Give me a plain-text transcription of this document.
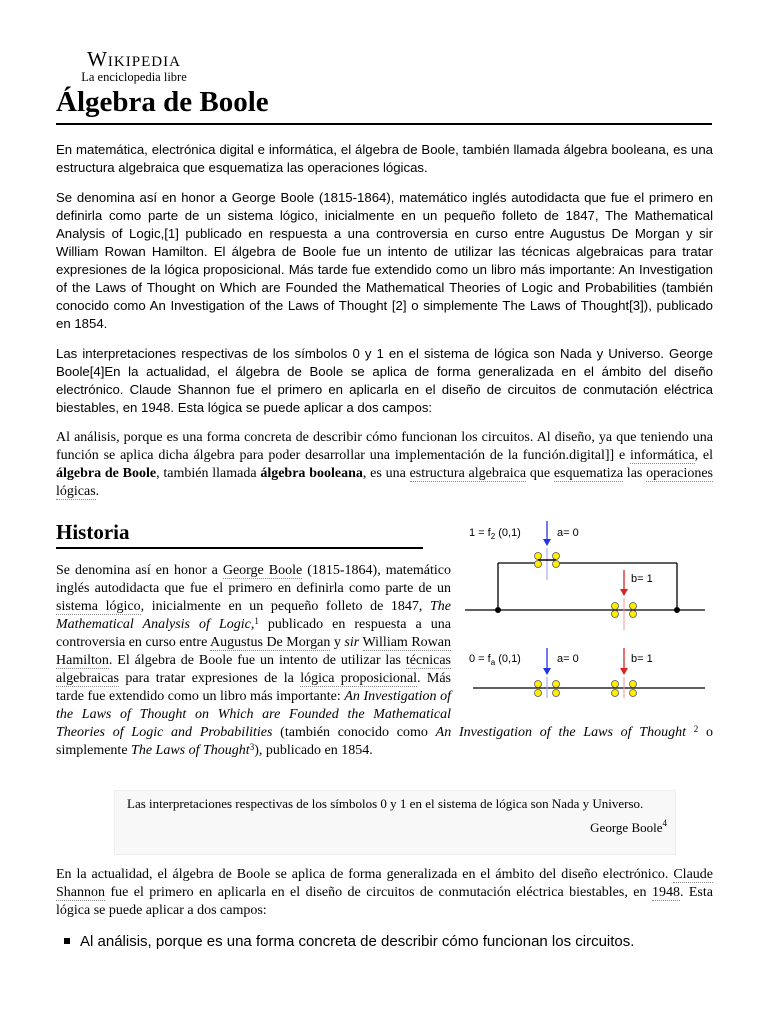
Wikipedia
La enciclopedia libre
Álgebra de Boole

En matemática, electrónica digital e informática, el álgebra de Boole, también llamada álgebra booleana, es una estructura algebraica que esquematiza las operaciones lógicas.

Se denomina así en honor a George Boole (1815-1864), matemático inglés autodidacta que fue el primero en definirla como parte de un sistema lógico, inicialmente en un pequeño folleto de 1847, The Mathematical Analysis of Logic,[1] publicado en respuesta a una controversia en curso entre Augustus De Morgan y sir William Rowan Hamilton. El álgebra de Boole fue un intento de utilizar las técnicas algebraicas para tratar expresiones de la lógica proposicional. Más tarde fue extendido como un libro más importante: An Investigation of the Laws of Thought on Which are Founded the Mathematical Theories of Logic and Probabilities (también conocido como An Investigation of the Laws of Thought [2] o simplemente The Laws of Thought[3]), publicado en 1854.

Las interpretaciones respectivas de los símbolos 0 y 1 en el sistema de lógica son Nada y Universo. George Boole[4]En la actualidad, el álgebra de Boole se aplica de forma generalizada en el ámbito del diseño electrónico. Claude Shannon fue el primero en aplicarla en el diseño de circuitos de conmutación eléctrica biestables, en 1948. Esta lógica se puede aplicar a dos campos:

Al análisis, porque es una forma concreta de describir cómo funcionan los circuitos. Al diseño, ya que teniendo una función se aplica dicha álgebra para poder desarrollar una implementación de la función.digital]] e informática, el álgebra de Boole, también llamada álgebra booleana, es una estructura algebraica que esquematiza las operaciones lógicas.

Historia	$1 = f_2$ (0,1)	a= 0
b= 1
$0 = f_a$ (0,1)	a= 0	b= 1

Se denomina así en honor a George Boole (1815-1864), matemático inglés autodidacta que fue el primero en definirla como parte de un sistema lógico, inicialmente en un pequeño folleto de 1847, The Mathematical Analysis of Logic,$^1$ publicado en respuesta a una controversia en curso entre Augustus De Morgan y sir William Rowan Hamilton. El álgebra de Boole fue un intento de utilizar las técnicas algebraicas para tratar expresiones de la lógica proposicional. Más tarde fue extendido como un libro más importante: An Investigation of the Laws of Thought on Which are Founded the Mathematical Theories of Logic and Probabilities (también conocido como An Investigation of the Laws of Thought $^2$ o simplemente The Laws of Thought$^3$), publicado en 1854.

Las interpretaciones respectivas de los símbolos 0 y 1 en el sistema de lógica son Nada y Universo.
George Boole$^4$

En la actualidad, el álgebra de Boole se aplica de forma generalizada en el ámbito del diseño electrónico. Claude Shannon fue el primero en aplicarla en el diseño de circuitos de conmutación eléctrica biestables, en 1948. Esta lógica se puede aplicar a dos campos:

Al análisis, porque es una forma concreta de describir cómo funcionan los circuitos.
